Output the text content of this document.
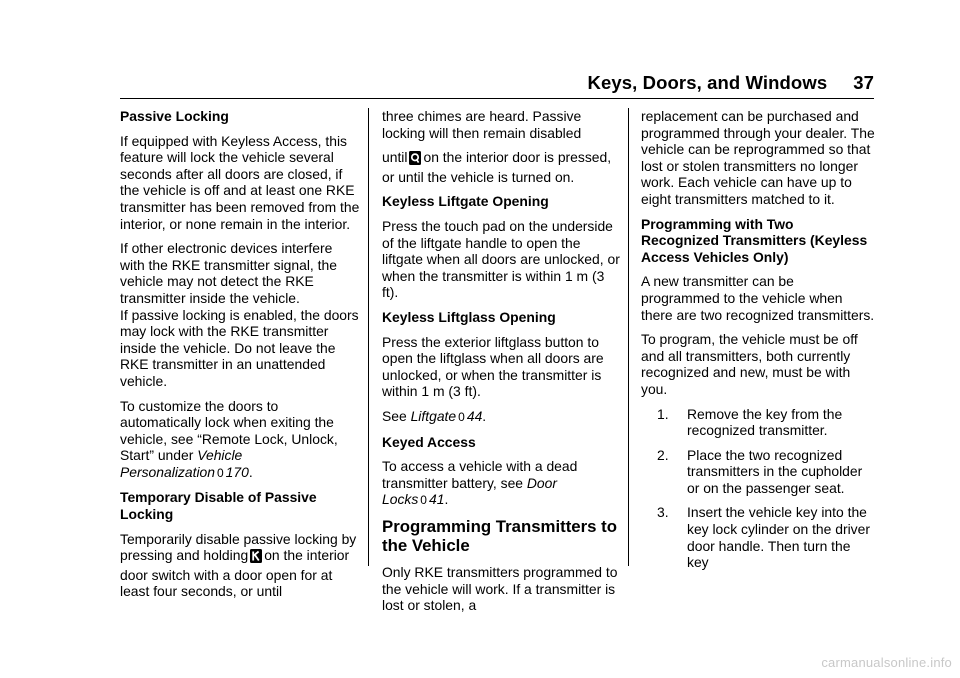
Keys, Doors, and Windows 37

Passive Locking

If equipped with Keyless Access, this feature will lock the vehicle several seconds after all doors are closed, if the vehicle is off and at least one RKE transmitter has been removed from the interior, or none remain in the interior.

If other electronic devices interfere with the RKE transmitter signal, the vehicle may not detect the RKE transmitter inside the vehicle.
If passive locking is enabled, the doors may lock with the RKE transmitter inside the vehicle. Do not leave the RKE transmitter in an unattended vehicle.

To customize the doors to automatically lock when exiting the vehicle, see “Remote Lock, Unlock, Start” under Vehicle Personalization 0 170.

Temporary Disable of Passive Locking

Temporarily disable passive locking by pressing and holding on the interior door switch with a door open for at least four seconds, or until

three chimes are heard. Passive locking will then remain disabled

until on the interior door is pressed, or until the vehicle is turned on.

Keyless Liftgate Opening

Press the touch pad on the underside of the liftgate handle to open the liftgate when all doors are unlocked, or when the transmitter is within 1 m (3 ft).

Keyless Liftglass Opening

Press the exterior liftglass button to open the liftglass when all doors are unlocked, or when the transmitter is within 1 m (3 ft).

See Liftgate 0 44.

Keyed Access

To access a vehicle with a dead transmitter battery, see Door Locks 0 41.

Programming Transmitters to the Vehicle

Only RKE transmitters programmed to the vehicle will work. If a transmitter is lost or stolen, a

replacement can be purchased and programmed through your dealer. The vehicle can be reprogrammed so that lost or stolen transmitters no longer work. Each vehicle can have up to eight transmitters matched to it.

Programming with Two Recognized Transmitters (Keyless Access Vehicles Only)

A new transmitter can be programmed to the vehicle when there are two recognized transmitters.

To program, the vehicle must be off and all transmitters, both currently recognized and new, must be with you.

1. Remove the key from the recognized transmitter.
2. Place the two recognized transmitters in the cupholder or on the passenger seat.
3. Insert the vehicle key into the key lock cylinder on the driver door handle. Then turn the key
carmanualsonline.info
